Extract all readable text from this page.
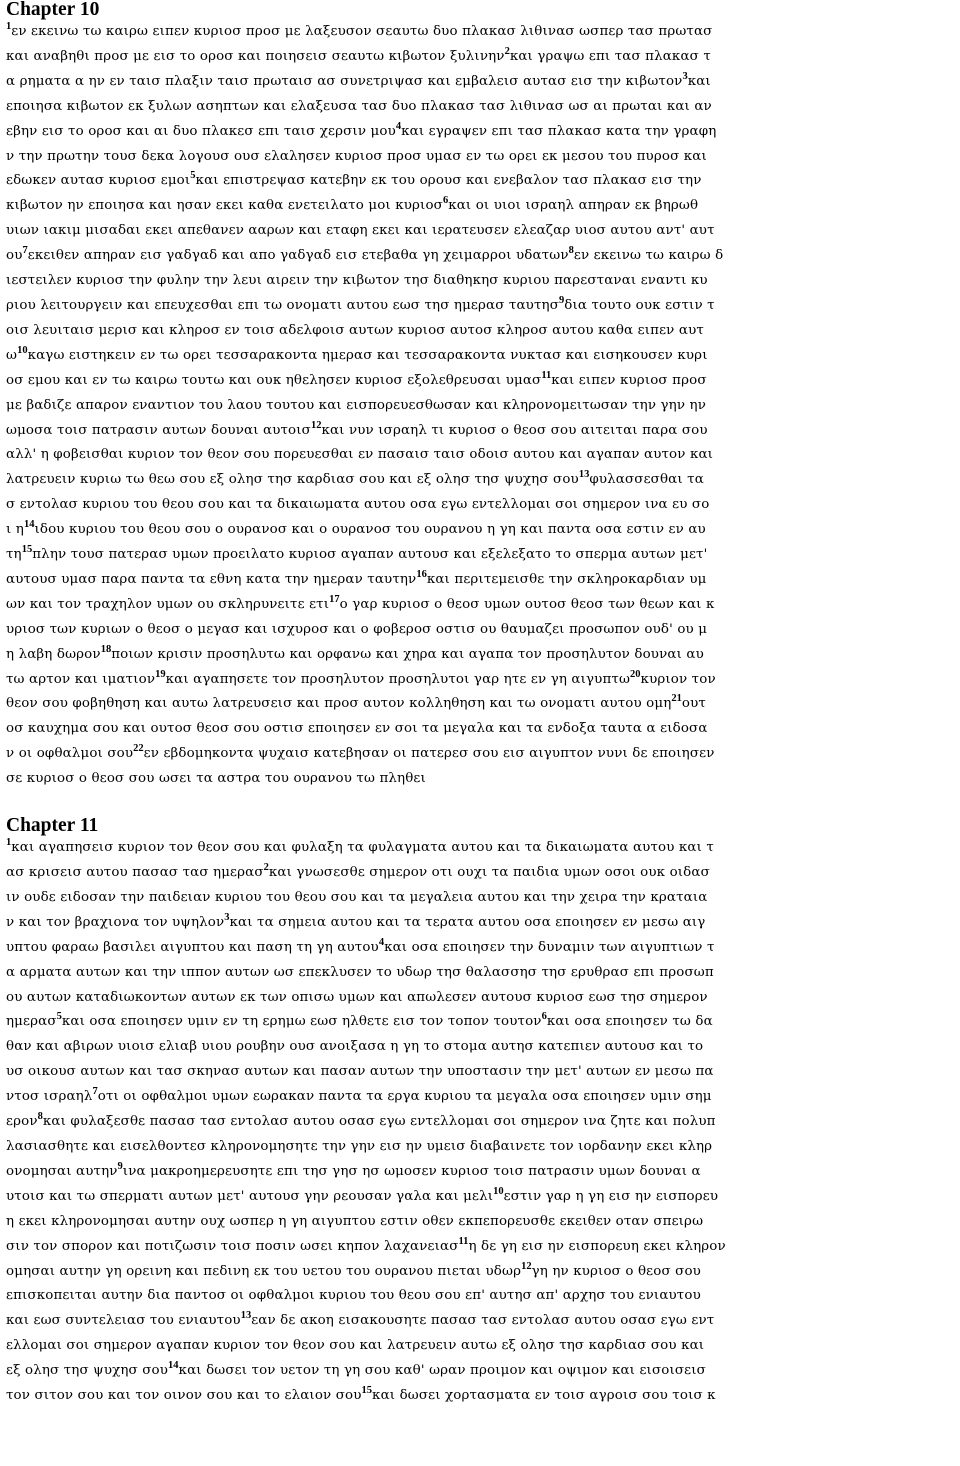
Chapter 10
$^1$εν εκεινω τω καιρω ειπεν κυριοσ προσ με λαξευσον σεαυτω δυο πλακασ λιθινασ ωσπερ τασ πρωτασ
και αναβηθι προσ με εισ το οροσ και ποιησεισ σεαυτω κιβωτον ξυλινην$^2$και γραψω επι τασ πλακασ τ
α ρηματα α ην εν ταισ πλαξιν ταισ πρωταισ ασ συνετριψασ και εμβαλεισ αυτασ εισ την κιβωτον$^3$και
εποιησα κιβωτον εκ ξυλων ασηπτων και ελαξευσα τασ δυο πλακασ τασ λιθινασ ωσ αι πρωται και αν
εβην εισ το οροσ και αι δυο πλακεσ επι ταισ χερσιν μου$^4$και εγραψεν επι τασ πλακασ κατα την γραφη
ν την πρωτην τουσ δεκα λογουσ ουσ ελαλησεν κυριοσ προσ υμασ εν τω ορει εκ μεσου του πυροσ και
εδωκεν αυτασ κυριοσ εμοι$^5$και επιστρεψασ κατεβην εκ του ορουσ και ενεβαλον τασ πλακασ εισ την
κιβωτον ην εποιησα και ησαν εκει καθα ενετειλατο μοι κυριοσ$^6$και οι υιοι ισραηλ απηραν εκ βηρωθ
υιων ιακιμ μισαδαι εκει απεθανεν ααρων και εταφη εκει και ιερατευσεν ελεαζαρ υιοσ αυτου αντ' αυτ
$o\upsilon^7\varepsilon\kappa\varepsilon\iota\theta\varepsilon\nu$ απηραν εισ γαδγαδ και απο γαδγαδ εισ ετεβαθα γη χειμαρροι υδατων$^8$εν εκεινω τω καιρω δ
ιεστειλεν κυριοσ την φυλην την λευι αιρειν την κιβωτον τησ διαθηκησ κυριου παρεσταναι εναντι κυ
ριου λειτουργειν και επευχεσθαι επι τω ονοματι αυτου εωσ τησ ημερασ ταυτησ$^9$δια τουτο ουκ εστιν τ
οισ λευιταισ μερισ και κληροσ εν τοισ αδελφοισ αυτων κυριοσ αυτοσ κληροσ αυτου καθα ειπεν αυτ
$\omega^{10}\kappa\alpha\gamma\omega$ ειστηκειν εν τω ορει τεσσαρακοντα ημερασ και τεσσαρακοντα νυκτασ και εισηκουσεν κυρι
οσ εμου και εν τω καιρω τουτω και ουκ ηθελησεν κυριοσ εξολεθρευσαι υμασ$^{11}$και ειπεν κυριοσ προσ
με βαδιζε απαρον εναντιον του λαου τουτου και εισπορευεσθωσαν και κληρονομειτωσαν την γην ην
ωμοσα τοισ πατρασιν αυτων δουναι αυτοισ$^{12}$και νυν ισραηλ τι κυριοσ ο θεοσ σου αιτειται παρα σου
αλλ' η φοβεισθαι κυριον τον θεον σου πορευεσθαι εν πασαισ ταισ οδοισ αυτου και αγαπαν αυτον και
λατρευειν κυριω τω θεω σου εξ ολησ τησ καρδιασ σου και εξ ολησ τησ ψυχησ σου$^{13}$φυλασσεσθαι τα
σ εντολασ κυριου του θεου σου και τα δικαιωματα αυτου οσα εγω εντελλομαι σοι σημερον ινα ευ σο
ι $\eta^{14}\iota\delta o\upsilon$ κυριου του θεου σου ο ουρανοσ και ο ουρανοσ του ουρανου η γη και παντα οσα εστιν εν αυ
$\tau\eta^{15}\pi\lambda\eta\nu$ τουσ πατερασ υμων προειλατο κυριοσ αγαπαν αυτουσ και εξελεξατο το σπερμα αυτων μετ'
αυτουσ υμασ παρα παντα τα εθνη κατα την ημεραν ταυτην$^{16}$και περιτεμεισθε την σκληροκαρδιαν υμ
ων και τον τραχηλον υμων ου σκληρυνειτε ετι$^{17}$ο γαρ κυριοσ ο θεοσ υμων ουτοσ θεοσ των θεων και κ
υριοσ των κυριων ο θεοσ ο μεγασ και ισχυροσ και ο φοβεροσ οστισ ου θαυμαζει προσωπον ουδ' ου μ
η λαβη δωρον$^{18}$ποιων κρισιν προσηλυτω και ορφανω και χηρα και αγαπα τον προσηλυτον δουναι αυ
τω αρτον και ιματιον$^{19}$και αγαπησετε τον προσηλυτον προσηλυτοι γαρ ητε εν γη αιγυπτω$^{20}$κυριον τον
θεον σου φοβηθηση και αυτω λατρευσεισ και προσ αυτον κολληθηση και τω ονοματι αυτου ομη$^{21}$ουτ
οσ καυχημα σου και ουτοσ θεοσ σου οστισ εποιησεν εν σοι τα μεγαλα και τα ενδοξα ταυτα α ειδοσα
ν οι οφθαλμοι σου$^{22}$εν εβδομηκοντα ψυχαισ κατεβησαν οι πατερεσ σου εισ αιγυπτον νυνι δε εποιησεν
σε κυριοσ ο θεοσ σου ωσει τα αστρα του ουρανου τω πληθει
Chapter 11
$^1$και αγαπησεισ κυριον τον θεον σου και φυλαξη τα φυλαγματα αυτου και τα δικαιωματα αυτου και τ
ασ κρισεισ αυτου πασασ τασ ημερασ$^2$και γνωσεσθε σημερον οτι ουχι τα παιδια υμων οσοι ουκ οιδασ
ιν ουδε ειδοσαν την παιδειαν κυριου του θεου σου και τα μεγαλεια αυτου και την χειρα την κραταια
ν και τον βραχιονα τον υψηλον$^3$και τα σημεια αυτου και τα τερατα αυτου οσα εποιησεν εν μεσω αιγ
υπτου φαραω βασιλει αιγυπτου και παση τη γη αυτου$^4$και οσα εποιησεν την δυναμιν των αιγυπτιων τ
α αρματα αυτων και την ιππον αυτων ωσ επεκλυσεν το υδωρ τησ θαλασσησ τησ ερυθρασ επι προσωπ
ου αυτων καταδιωκοντων αυτων εκ των οπισω υμων και απωλεσεν αυτουσ κυριοσ εωσ τησ σημερον
ημερασ$^5$και οσα εποιησεν υμιν εν τη ερημω εωσ ηλθετε εισ τον τοπον τουτον$^6$και οσα εποιησεν τω δα
θαν και αβιρων υιοισ ελιαβ υιου ρουβην ουσ ανοιξασα η γη το στομα αυτησ κατεπιεν αυτουσ και το
υσ οικουσ αυτων και τασ σκηνασ αυτων και πασαν αυτων την υποστασιν την μετ' αυτων εν μεσω πα
ντοσ ισραηλ$^7$οτι οι οφθαλμοι υμων εωρακαν παντα τα εργα κυριου τα μεγαλα οσα εποιησεν υμιν σημ
ερον$^8$και φυλαξεσθε πασασ τασ εντολασ αυτου οσασ εγω εντελλομαι σοι σημερον ινα ζητε και πολυπ
λασιασθητε και εισελθοντεσ κληρονομησητε την γην εισ ην υμεισ διαβαινετε τον ιορδανην εκει κληρ
ονομησαι αυτην$^9$ινα μακροημερευσητε επι τησ γησ ησ ωμοσεν κυριοσ τοισ πατρασιν υμων δουναι α
υτοισ και τω σπερματι αυτων μετ' αυτουσ γην ρεουσαν γαλα και μελι$^{10}$εστιν γαρ η γη εισ ην εισπορευ
η εκει κληρονομησαι αυτην ουχ ωσπερ η γη αιγυπτου εστιν οθεν εκπεπορευσθε εκειθεν οταν σπειρω
σιν τον σπορον και ποτιζωσιν τοισ ποσιν ωσει κηπον λαχανειασ$^{11}$η δε γη εισ ην εισπορευη εκει κληρον
ομησαι αυτην γη ορεινη και πεδινη εκ του υετου του ουρανου πιεται υδωρ$^{12}$γη ην κυριοσ ο θεοσ σου
επισκοπειται αυτην δια παντοσ οι οφθαλμοι κυριου του θεου σου επ' αυτησ απ' αρχησ του ενιαυτου
και εωσ συντελειασ του ενιαυτου$^{13}$εαν δε ακοη εισακουσητε πασασ τασ εντολασ αυτου οσασ εγω εντ
ελλομαι σοι σημερον αγαπαν κυριον τον θεον σου και λατρευειν αυτω εξ ολησ τησ καρδιασ σου και
εξ ολησ τησ ψυχησ σου$^{14}$και δωσει τον υετον τη γη σου καθ' ωραν προιμον και οψιμον και εισοισεισ
τον σιτον σου και τον οινον σου και το ελαιον σου$^{15}$και δωσει χορτασματα εν τοισ αγροισ σου τοισ κ
